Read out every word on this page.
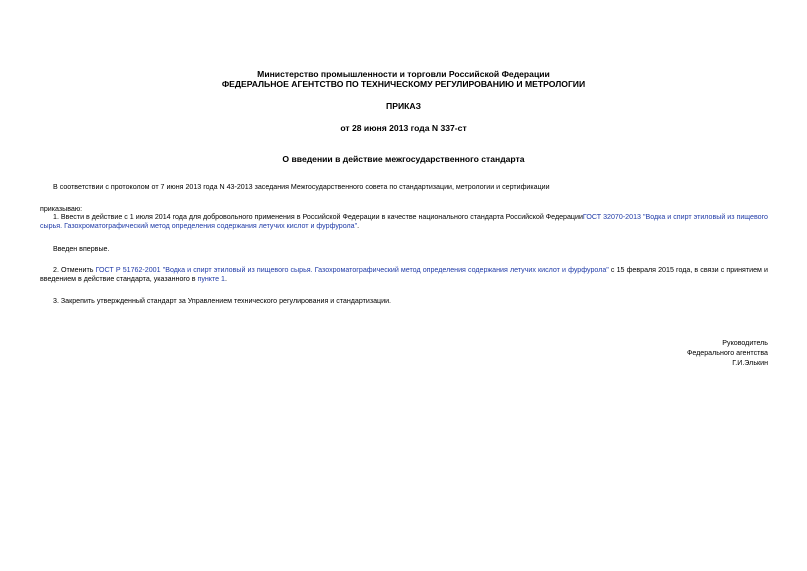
Министерство промышленности и торговли Российской Федерации
ФЕДЕРАЛЬНОЕ АГЕНТСТВО ПО ТЕХНИЧЕСКОМУ РЕГУЛИРОВАНИЮ И МЕТРОЛОГИИ
ПРИКАЗ
от 28 июня 2013 года N 337-ст
О введении в действие межгосударственного стандарта
В соответствии с протоколом от 7 июня 2013 года N 43-2013 заседания Межгосударственного совета по стандартизации, метрологии и сертификации
приказываю:
1. Ввести в действие с 1 июля 2014 года для добровольного применения в Российской Федерации в качестве национального стандарта Российской ФедерацииГОСТ 32070-2013 "Водка и спирт этиловый из пищевого сырья. Газохроматографический метод определения содержания летучих кислот и фурфурола".
Введен впервые.
2. Отменить ГОСТ Р 51762-2001 "Водка и спирт этиловый из пищевого сырья. Газохроматографический метод определения содержания летучих кислот и фурфурола" с 15 февраля 2015 года, в связи с принятием и введением в действие стандарта, указанного в пункте 1.
3. Закрепить утвержденный стандарт за Управлением технического регулирования и стандартизации.
Руководитель
Федерального агентства
Г.И.Элькин
